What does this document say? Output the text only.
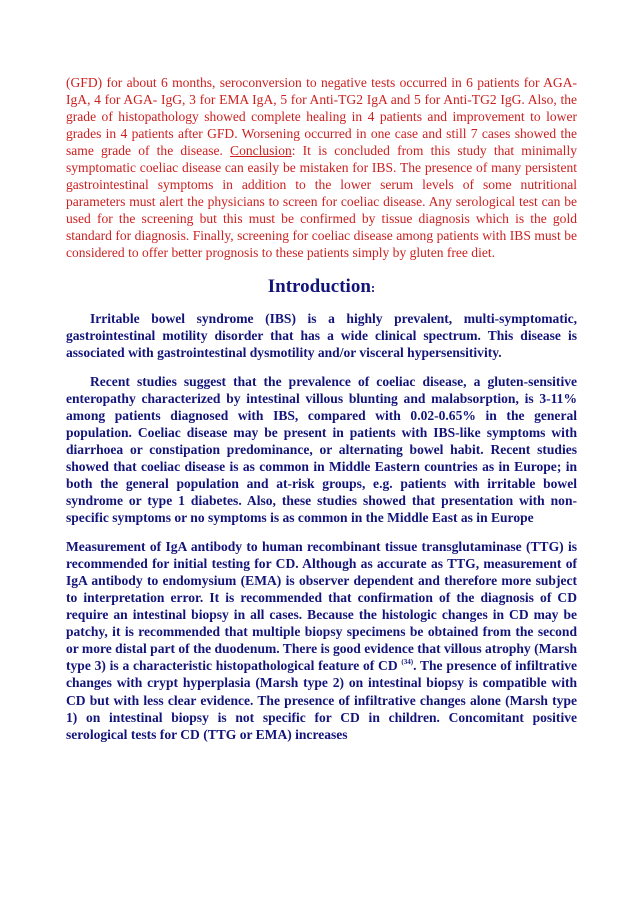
(GFD) for about 6 months, seroconversion to negative tests occurred in 6 patients for AGA-IgA, 4 for AGA- IgG, 3 for EMA IgA, 5 for Anti-TG2 IgA and 5 for Anti-TG2 IgG. Also, the grade of histopathology showed complete healing in 4 patients and improvement to lower grades in 4 patients after GFD. Worsening occurred in one case and still 7 cases showed the same grade of the disease. Conclusion: It is concluded from this study that minimally symptomatic coeliac disease can easily be mistaken for IBS. The presence of many persistent gastrointestinal symptoms in addition to the lower serum levels of some nutritional parameters must alert the physicians to screen for coeliac disease. Any serological test can be used for the screening but this must be confirmed by tissue diagnosis which is the gold standard for diagnosis. Finally, screening for coeliac disease among patients with IBS must be considered to offer better prognosis to these patients simply by gluten free diet.

Introduction:

Irritable bowel syndrome (IBS) is a highly prevalent, multi-symptomatic, gastrointestinal motility disorder that has a wide clinical spectrum. This disease is associated with gastrointestinal dysmotility and/or visceral hypersensitivity.

Recent studies suggest that the prevalence of coeliac disease, a gluten-sensitive enteropathy characterized by intestinal villous blunting and malabsorption, is 3-11% among patients diagnosed with IBS, compared with 0.02-0.65% in the general population. Coeliac disease may be present in patients with IBS-like symptoms with diarrhoea or constipation predominance, or alternating bowel habit. Recent studies showed that coeliac disease is as common in Middle Eastern countries as in Europe; in both the general population and at-risk groups, e.g. patients with irritable bowel syndrome or type 1 diabetes. Also, these studies showed that presentation with non-specific symptoms or no symptoms is as common in the Middle East as in Europe

Measurement of IgA antibody to human recombinant tissue transglutaminase (TTG) is recommended for initial testing for CD. Although as accurate as TTG, measurement of IgA antibody to endomysium (EMA) is observer dependent and therefore more subject to interpretation error. It is recommended that confirmation of the diagnosis of CD require an intestinal biopsy in all cases. Because the histologic changes in CD may be patchy, it is recommended that multiple biopsy specimens be obtained from the second or more distal part of the duodenum. There is good evidence that villous atrophy (Marsh type 3) is a characteristic histopathological feature of CD $^{(34)}$. The presence of infiltrative changes with crypt hyperplasia (Marsh type 2) on intestinal biopsy is compatible with CD but with less clear evidence. The presence of infiltrative changes alone (Marsh type 1) on intestinal biopsy is not specific for CD in children. Concomitant positive serological tests for CD (TTG or EMA) increases
